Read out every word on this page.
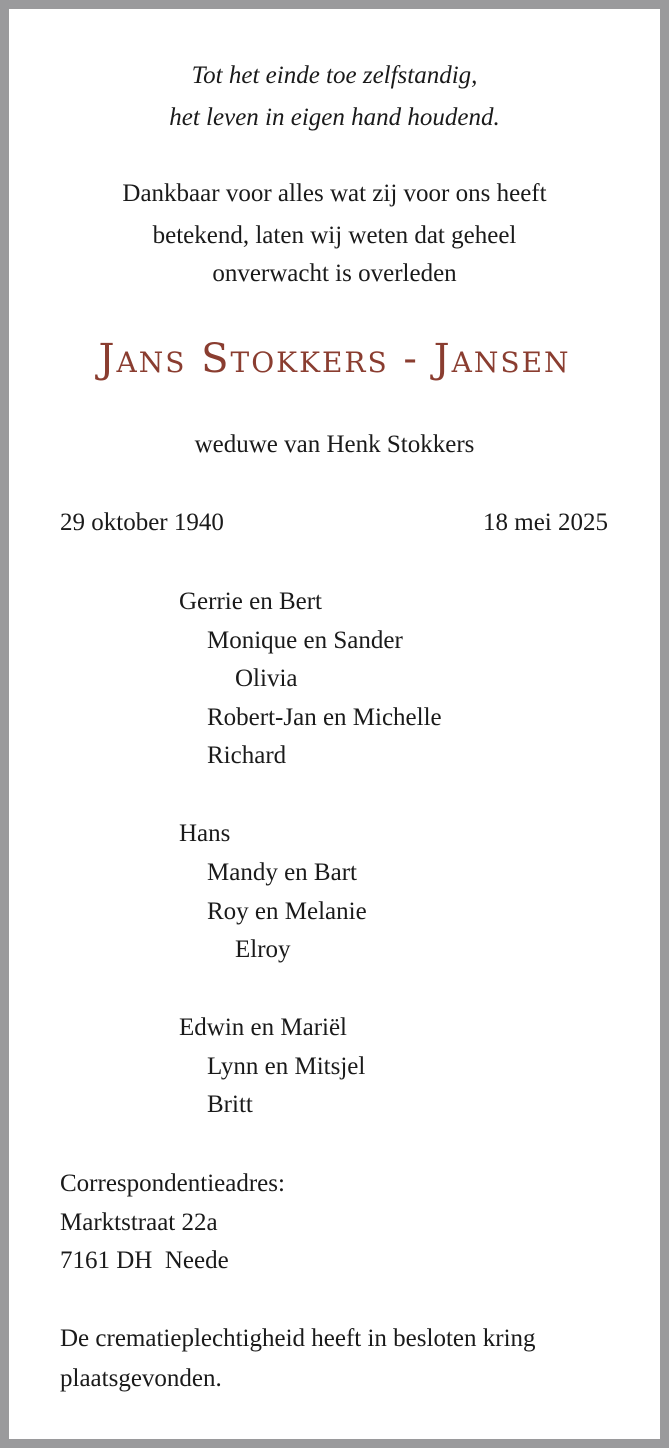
Tot het einde toe zelfstandig,
het leven in eigen hand houdend.
Dankbaar voor alles wat zij voor ons heeft
betekend, laten wij weten dat geheel
onverwacht is overleden
Jans Stokkers - Jansen
weduwe van Henk Stokkers
29 oktober 1940	18 mei 2025
Gerrie en Bert
Monique en Sander
Olivia
Robert-Jan en Michelle
Richard
Hans
Mandy en Bart
Roy en Melanie
Elroy
Edwin en Mariël
Lynn en Mitsjel
Britt
Correspondentieadres:
Marktstraat 22a
7161 DH  Neede
De crematieplechtigheid heeft in besloten kring
plaatsgevonden.
